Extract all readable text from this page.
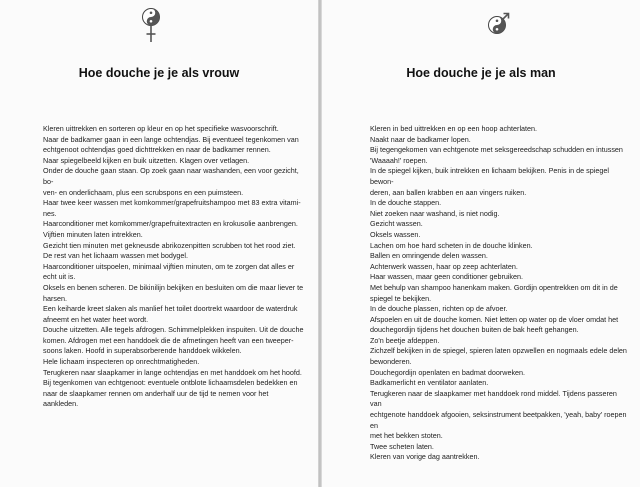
Hoe douche je je als vrouw

Kleren uittrekken en sorteren op kleur en op het specifieke wasvoorschrift.

Naar de badkamer gaan in een lange ochtendjas. Bij eventueel tegenkomen van

echtgenoot ochtendjas goed dichttrekken en naar de badkamer rennen.

Naar spiegelbeeld kijken en buik uitzetten. Klagen over vetlagen.

Onder de douche gaan staan. Op zoek gaan naar washanden, een voor gezicht, bo-

ven- en onderlichaam, plus een scrubspons en een puimsteen.

Haar twee keer wassen met komkommer/grapefruitshampoo met 83 extra vitami-

nes.

Haarconditioner met komkommer/grapefruitextracten en krokusolie aanbrengen.

Vijftien minuten laten intrekken.

Gezicht tien minuten met gekneusde abrikozenpitten scrubben tot het rood ziet.

De rest van het lichaam wassen met bodygel.

Haarconditioner uitspoelen, minimaal vijftien minuten, om te zorgen dat alles er

echt uit is.

Oksels en benen scheren. De bikinilijn bekijken en besluiten om die maar liever te

harsen.

Een keiharde kreet slaken als manlief het toilet doortrekt waardoor de waterdruk

afneemt en het water heet wordt.

Douche uitzetten. Alle tegels afdrogen. Schimmelplekken inspuiten. Uit de douche

komen. Afdrogen met een handdoek die de afmetingen heeft van een tweeper-

soons laken. Hoofd in superabsorberende handdoek wikkelen.

Hele lichaam inspecteren op onrechtmatigheden.

Terugkeren naar slaapkamer in lange ochtendjas en met handdoek om het hoofd.

Bij tegenkomen van echtgenoot: eventuele ontblote lichaamsdelen bedekken en

naar de slaapkamer rennen om anderhalf uur de tijd te nemen voor het aankleden.

Hoe douche je je als man

Kleren in bed uittrekken en op een hoop achterlaten.

Naakt naar de badkamer lopen.

Bij tegengekomen van echtgenote met seksgereedschap schudden en intussen

'Waaaah!' roepen.

In de spiegel kijken, buik intrekken en lichaam bekijken. Penis in de spiegel bewon-

deren, aan ballen krabben en aan vingers ruiken.

In de douche stappen.

Niet zoeken naar washand, is niet nodig.

Gezicht wassen.

Oksels wassen.

Lachen om hoe hard scheten in de douche klinken.

Ballen en omringende delen wassen.

Achterwerk wassen, haar op zeep achterlaten.

Haar wassen, maar geen conditioner gebruiken.

Met behulp van shampoo hanenkam maken. Gordijn opentrekken om dit in de

spiegel te bekijken.

In de douche plassen, richten op de afvoer.

Afspoelen en uit de douche komen. Niet letten op water op de vloer omdat het

douchegordijn tijdens het douchen buiten de bak heeft gehangen.

Zo'n beetje afdeppen.

Zichzelf bekijken in de spiegel, spieren laten opzwellen en nogmaals edele delen

bewonderen.

Douchegordijn openlaten en badmat doorweken.

Badkamerlicht en ventilator aanlaten.

Terugkeren naar de slaapkamer met handdoek rond middel. Tijdens passeren van

echtgenote handdoek afgooien, seksinstrument beetpakken, 'yeah, baby' roepen en

met het bekken stoten.

Twee scheten laten.

Kleren van vorige dag aantrekken.
